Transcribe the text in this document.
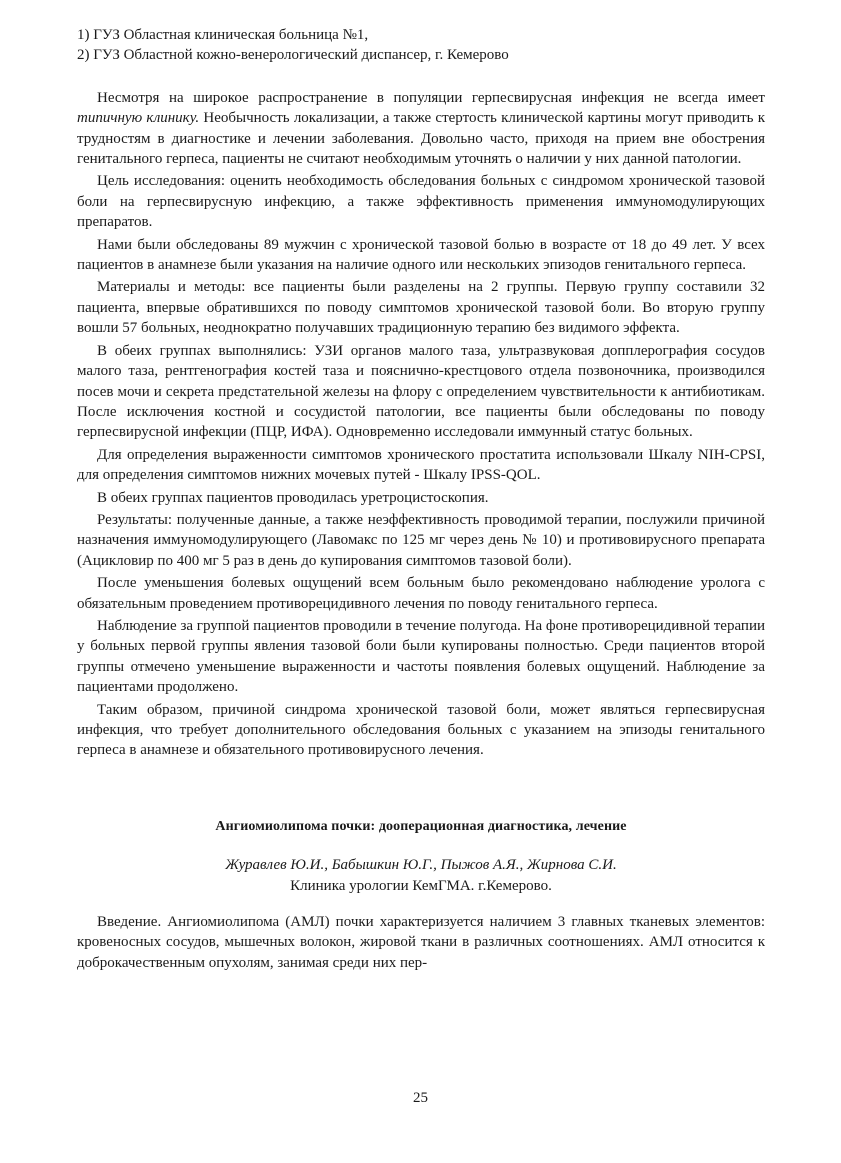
1) ГУЗ Областная клиническая больница №1,

2) ГУЗ Областной кожно-венерологический диспансер, г. Кемерово

Несмотря на широкое распространение в популяции герпесвирусная инфекция не всегда имеет типичную клинику. Необычность локализации, а также стертость клинической картины могут приводить к трудностям в диагностике и лечении заболевания. Довольно часто, приходя на прием вне обострения генитального герпеса, пациенты не считают необходимым уточнять о наличии у них данной патологии.

Цель исследования: оценить необходимость обследования больных с синдромом хронической тазовой боли на герпесвирусную инфекцию, а также эффективность применения иммуномодулирующих препаратов.

Нами были обследованы 89 мужчин с хронической тазовой болью в возрасте от 18 до 49 лет. У всех пациентов в анамнезе были указания на наличие одного или нескольких эпизодов генитального герпеса.

Материалы и методы: все пациенты были разделены на 2 группы. Первую группу составили 32 пациента, впервые обратившихся по поводу симптомов хронической тазовой боли. Во вторую группу вошли 57 больных, неоднократно получавших традиционную терапию без видимого эффекта.

В обеих группах выполнялись: УЗИ органов малого таза, ультразвуковая допплерография сосудов малого таза, рентгенография костей таза и пояснично-крестцового отдела позвоночника, производился посев мочи и секрета предстательной железы на флору с определением чувствительности к антибиотикам. После исключения костной и сосудистой патологии, все пациенты были обследованы по поводу герпесвирусной инфекции (ПЦР, ИФА). Одновременно исследовали иммунный статус больных.

Для определения выраженности симптомов хронического простатита использовали Шкалу NIH-CPSI, для определения симптомов нижних мочевых путей - Шкалу IPSS-QOL.

В обеих группах пациентов проводилась уретроцистоскопия.

Результаты: полученные данные, а также неэффективность проводимой терапии, послужили причиной назначения иммуномодулирующего (Лавомакс по 125 мг через день № 10) и противовирусного препарата (Ацикловир по 400 мг 5 раз в день до купирования симптомов тазовой боли).

После уменьшения болевых ощущений всем больным было рекомендовано наблюдение уролога с обязательным проведением противорецидивного лечения по поводу генитального герпеса.

Наблюдение за группой пациентов проводили в течение полугода. На фоне противорецидивной терапии у больных первой группы явления тазовой боли были купированы полностью. Среди пациентов второй группы отмечено уменьшение выраженности и частоты появления болевых ощущений. Наблюдение за пациентами продолжено.

Таким образом, причиной синдрома хронической тазовой боли, может являться герпесвирусная инфекция, что требует дополнительного обследования больных с указанием на эпизоды генитального герпеса в анамнезе и обязательного противовирусного лечения.

Ангиомиолипома почки: дооперационная диагностика, лечение

Журавлев Ю.И., Бабышкин Ю.Г., Пыжов А.Я., Жирнова С.И.

Клиника урологии КемГМА. г.Кемерово.

Введение. Ангиомиолипома (АМЛ) почки характеризуется наличием 3 главных тканевых элементов: кровеносных сосудов, мышечных волокон, жировой ткани в различных соотношениях. АМЛ относится к доброкачественным опухолям, занимая среди них пер-

25
